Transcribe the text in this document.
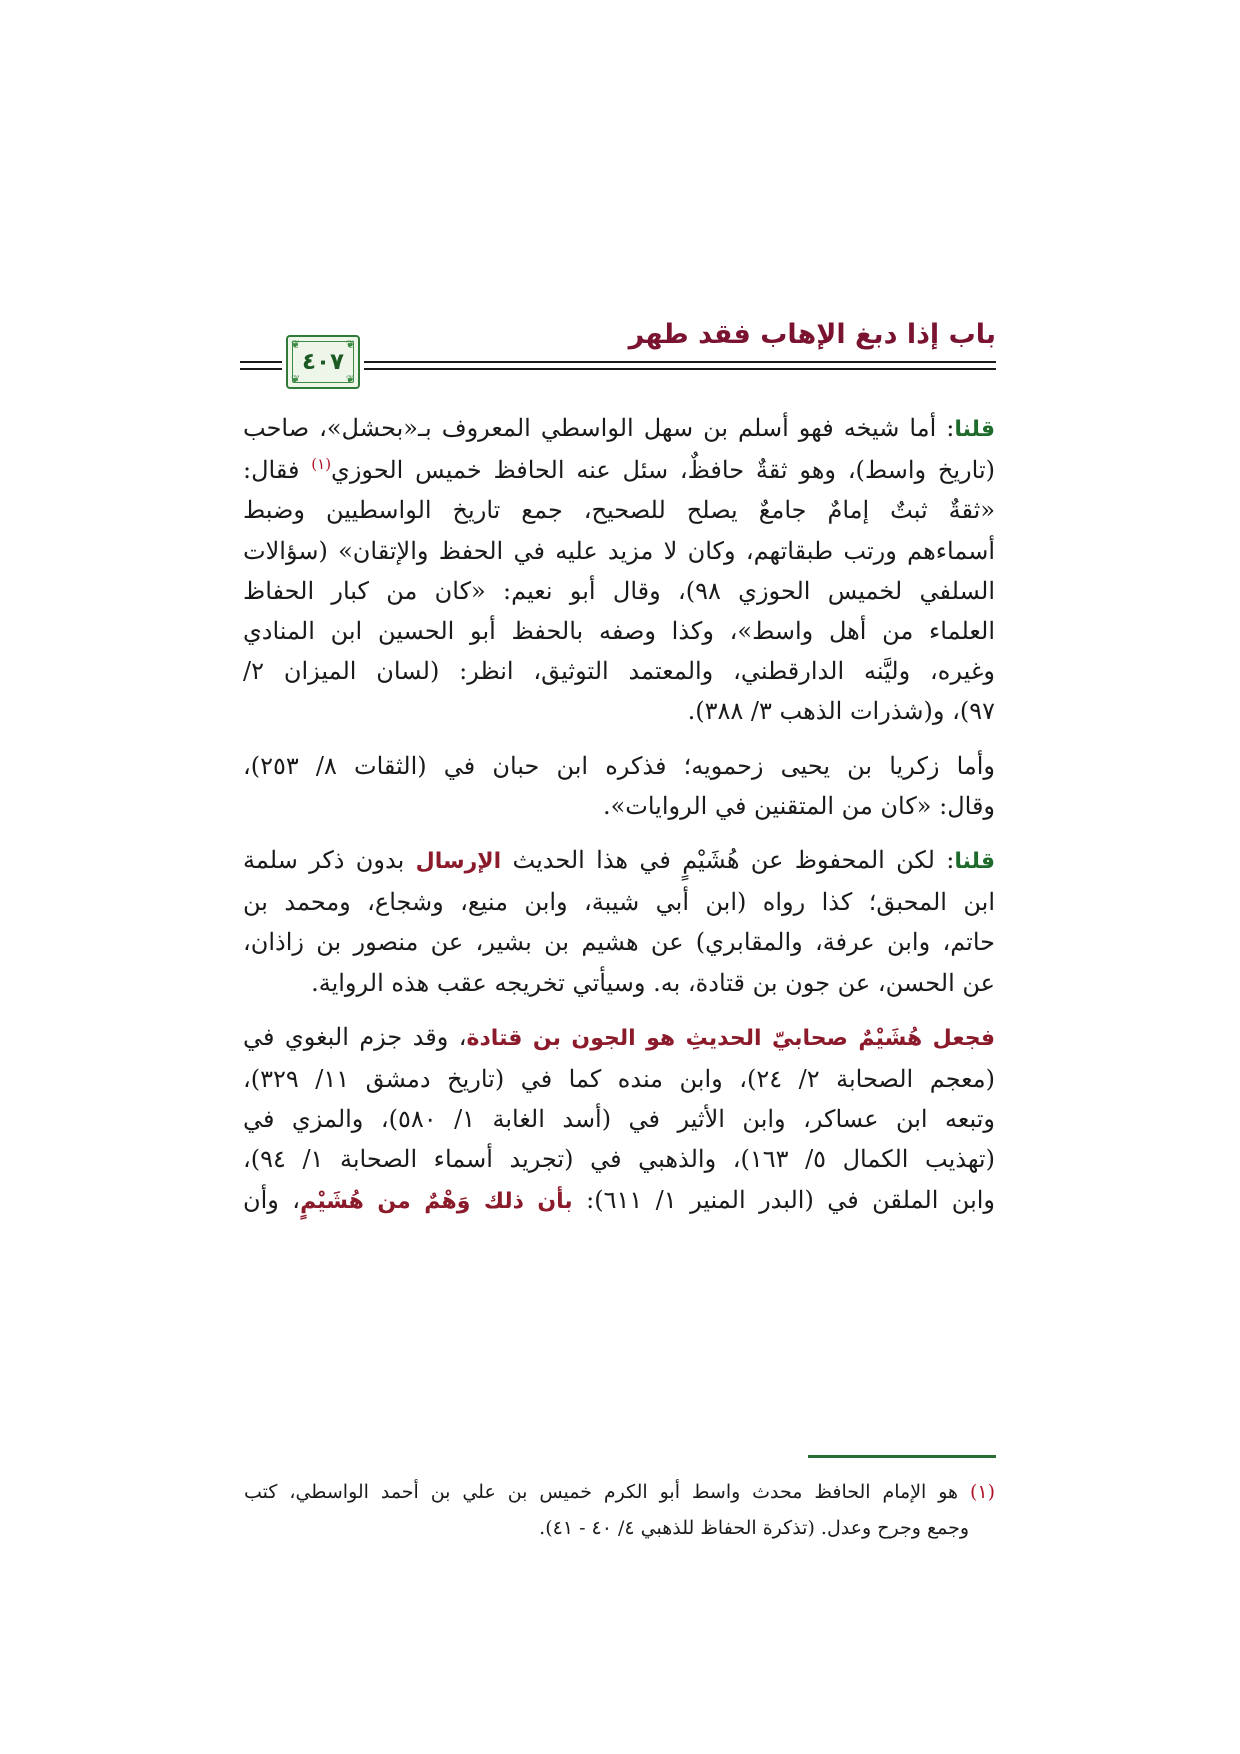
باب إذا دبغ الإهاب فقد طهر
❦	❦
❦	❦
٤٠٧
قلنا: أما شيخه فهو أسلم بن سهل الواسطي المعروف بـ«بحشل»، صاحب
(تاريخ واسط)، وهو ثقةٌ حافظٌ، سئل عنه الحافظ خميس الحوزي$^{(١)}$ فقال:
«ثقةٌ ثبتٌ إمامٌ جامعٌ يصلح للصحيح، جمع تاريخ الواسطيين وضبط
أسماءهم ورتب طبقاتهم، وكان لا مزيد عليه في الحفظ والإتقان» (سؤالات
السلفي لخميس الحوزي ٩٨)، وقال أبو نعيم: «كان من كبار الحفاظ
العلماء من أهل واسط»، وكذا وصفه بالحفظ أبو الحسين ابن المنادي
وغيره، وليَّنه الدارقطني، والمعتمد التوثيق، انظر: (لسان الميزان ٢/
٩٧)، و(شذرات الذهب ٣/ ٣٨٨).
وأما زكريا بن يحيى زحمويه؛ فذكره ابن حبان في (الثقات ٨/ ٢٥٣)،
وقال: «كان من المتقنين في الروايات».
قلنا: لكن المحفوظ عن هُشَيْمٍ في هذا الحديث الإرسال بدون ذكر سلمة
ابن المحبق؛ كذا رواه (ابن أبي شيبة، وابن منيع، وشجاع، ومحمد بن
حاتم، وابن عرفة، والمقابري) عن هشيم بن بشير، عن منصور بن زاذان،
عن الحسن، عن جون بن قتادة، به. وسيأتي تخريجه عقب هذه الرواية.
فجعل هُشَيْمٌ صحابيّ الحديثِ هو الجون بن قتادة، وقد جزم البغوي في
(معجم الصحابة ٢/ ٢٤)، وابن منده كما في (تاريخ دمشق ١١/ ٣٢٩)،
وتبعه ابن عساكر، وابن الأثير في (أسد الغابة ١/ ٥٨٠)، والمزي في
(تهذيب الكمال ٥/ ١٦٣)، والذهبي في (تجريد أسماء الصحابة ١/ ٩٤)،
وابن الملقن في (البدر المنير ١/ ٦١١): بأن ذلك وَهْمٌ من هُشَيْمٍ، وأن
(١) هو الإمام الحافظ محدث واسط أبو الكرم خميس بن علي بن أحمد الواسطي، كتب
وجمع وجرح وعدل. (تذكرة الحفاظ للذهبي ٤/ ٤٠ - ٤١).
